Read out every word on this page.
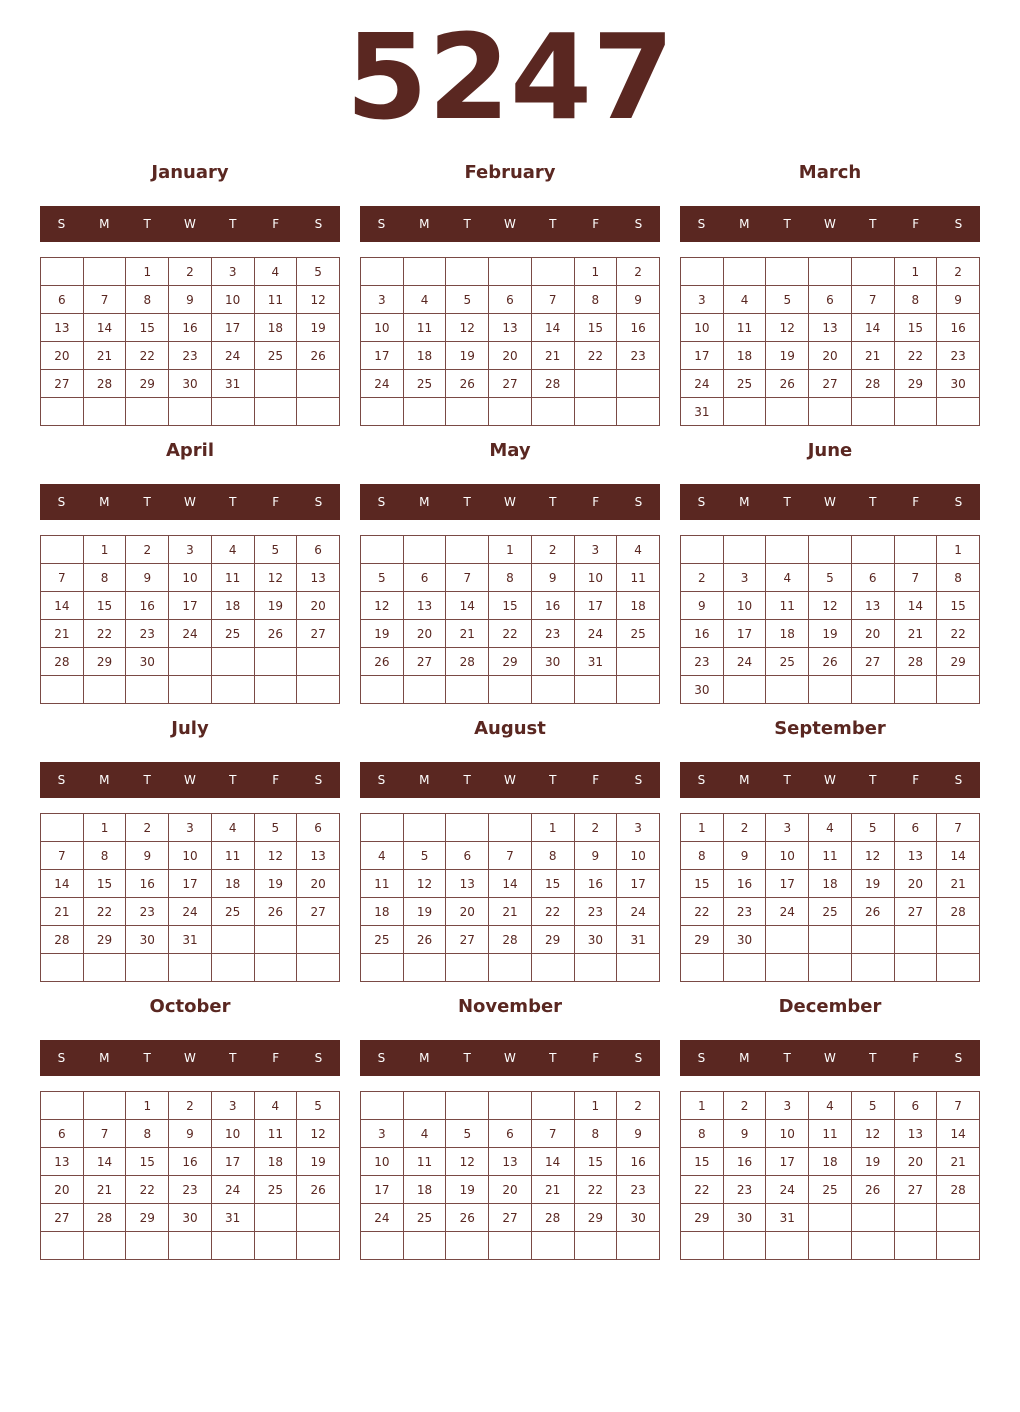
5247
January
S	M	T	W	T	F	S
		1	2	3	4	5
6	7	8	9	10	11	12
13	14	15	16	17	18	19
20	21	22	23	24	25	26
27	28	29	30	31		

February
S	M	T	W	T	F	S
					1	2
3	4	5	6	7	8	9
10	11	12	13	14	15	16
17	18	19	20	21	22	23
24	25	26	27	28		

March
S	M	T	W	T	F	S
					1	2
3	4	5	6	7	8	9
10	11	12	13	14	15	16
17	18	19	20	21	22	23
24	25	26	27	28	29	30
31						
April
S	M	T	W	T	F	S
	1	2	3	4	5	6
7	8	9	10	11	12	13
14	15	16	17	18	19	20
21	22	23	24	25	26	27
28	29	30				

May
S	M	T	W	T	F	S
			1	2	3	4
5	6	7	8	9	10	11
12	13	14	15	16	17	18
19	20	21	22	23	24	25
26	27	28	29	30	31	

June
S	M	T	W	T	F	S
						1
2	3	4	5	6	7	8
9	10	11	12	13	14	15
16	17	18	19	20	21	22
23	24	25	26	27	28	29
30						
July
S	M	T	W	T	F	S
	1	2	3	4	5	6
7	8	9	10	11	12	13
14	15	16	17	18	19	20
21	22	23	24	25	26	27
28	29	30	31			

August
S	M	T	W	T	F	S
				1	2	3
4	5	6	7	8	9	10
11	12	13	14	15	16	17
18	19	20	21	22	23	24
25	26	27	28	29	30	31

September
S	M	T	W	T	F	S
1	2	3	4	5	6	7
8	9	10	11	12	13	14
15	16	17	18	19	20	21
22	23	24	25	26	27	28
29	30					

October
S	M	T	W	T	F	S
		1	2	3	4	5
6	7	8	9	10	11	12
13	14	15	16	17	18	19
20	21	22	23	24	25	26
27	28	29	30	31		

November
S	M	T	W	T	F	S
					1	2
3	4	5	6	7	8	9
10	11	12	13	14	15	16
17	18	19	20	21	22	23
24	25	26	27	28	29	30

December
S	M	T	W	T	F	S
1	2	3	4	5	6	7
8	9	10	11	12	13	14
15	16	17	18	19	20	21
22	23	24	25	26	27	28
29	30	31				
